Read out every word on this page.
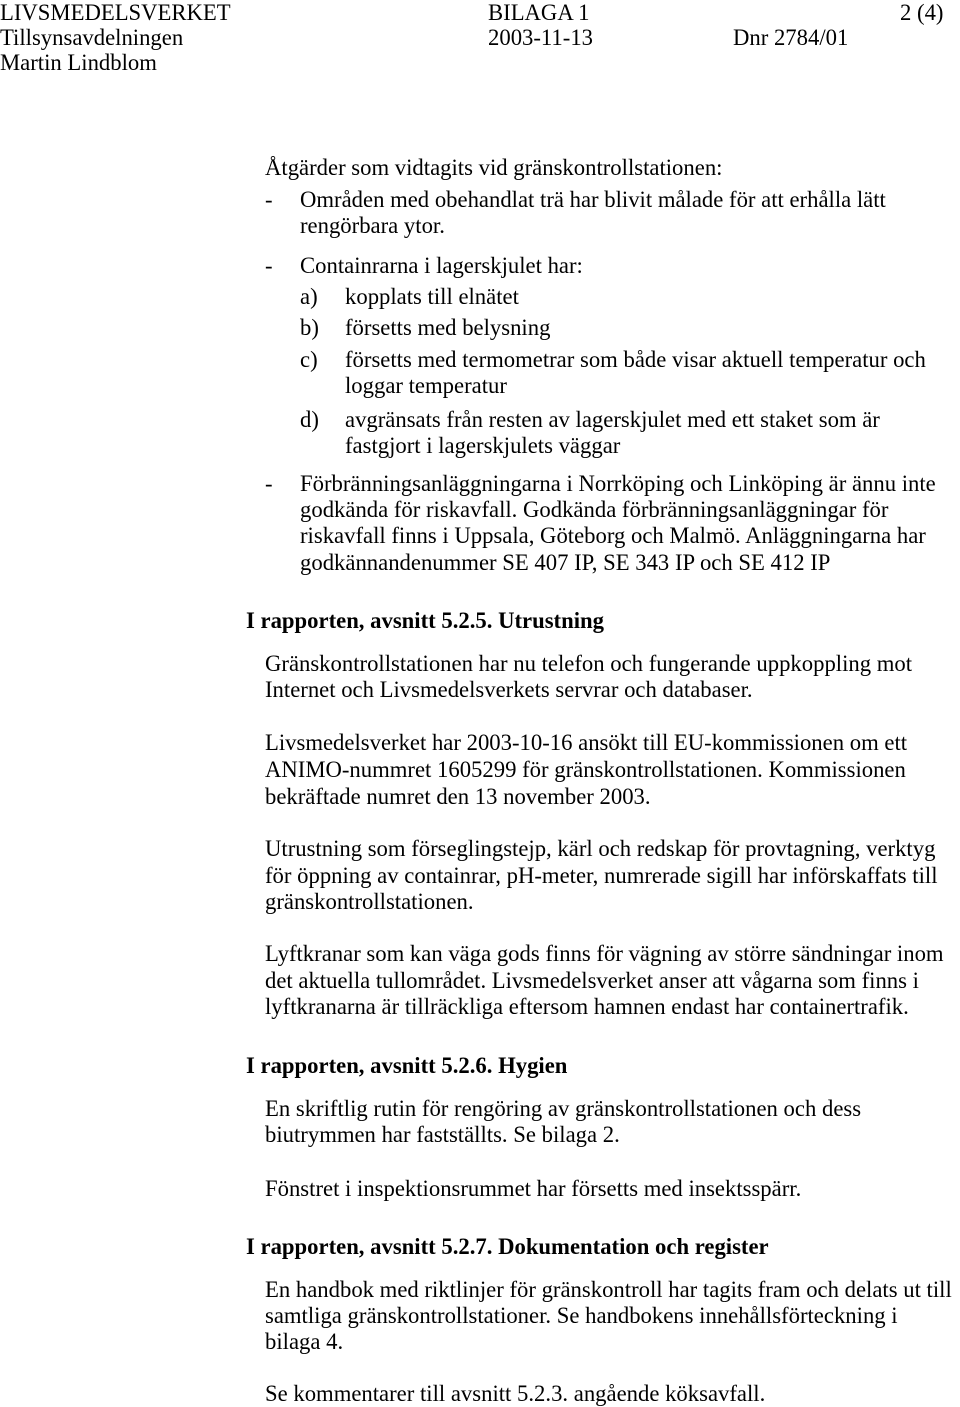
LIVSMEDELSVERKET	BILAGA 1	2 (4)
Tillsynsavdelningen	2003-11-13	Dnr 2784/01
Martin Lindblom
Åtgärder som vidtagits vid gränskontrollstationen:
- Områden med obehandlat trä har blivit målade för att erhålla lätt
rengörbara ytor.
- Containrarna i lagerskjulet har:
a) kopplats till elnätet
b) försetts med belysning
c) försetts med termometrar som både visar aktuell temperatur och
loggar temperatur
d) avgränsats från resten av lagerskjulet med ett staket som är
fastgjort i lagerskjulets väggar
- Förbränningsanläggningarna i Norrköping och Linköping är ännu inte
godkända för riskavfall. Godkända förbränningsanläggningar för
riskavfall finns i Uppsala, Göteborg och Malmö. Anläggningarna har
godkännandenummer SE 407 IP, SE 343 IP och SE 412 IP
I rapporten, avsnitt 5.2.5. Utrustning
Gränskontrollstationen har nu telefon och fungerande uppkoppling mot
Internet och Livsmedelsverkets servrar och databaser.
Livsmedelsverket har 2003-10-16 ansökt till EU-kommissionen om ett
ANIMO-nummret 1605299 för gränskontrollstationen. Kommissionen
bekräftade numret den 13 november 2003.
Utrustning som förseglingstejp, kärl och redskap för provtagning, verktyg
för öppning av containrar, pH-meter, numrerade sigill har införskaffats till
gränskontrollstationen.
Lyftkranar som kan väga gods finns för vägning av större sändningar inom
det aktuella tullområdet. Livsmedelsverket anser att vågarna som finns i
lyftkranarna är tillräckliga eftersom hamnen endast har containertrafik.
I rapporten, avsnitt 5.2.6. Hygien
En skriftlig rutin för rengöring av gränskontrollstationen och dess
biutrymmen har fastställts. Se bilaga 2.
Fönstret i inspektionsrummet har försetts med insektsspärr.
I rapporten, avsnitt 5.2.7. Dokumentation och register
En handbok med riktlinjer för gränskontroll har tagits fram och delats ut till
samtliga gränskontrollstationer. Se handbokens innehållsförteckning i
bilaga 4.
Se kommentarer till avsnitt 5.2.3. angående köksavfall.
